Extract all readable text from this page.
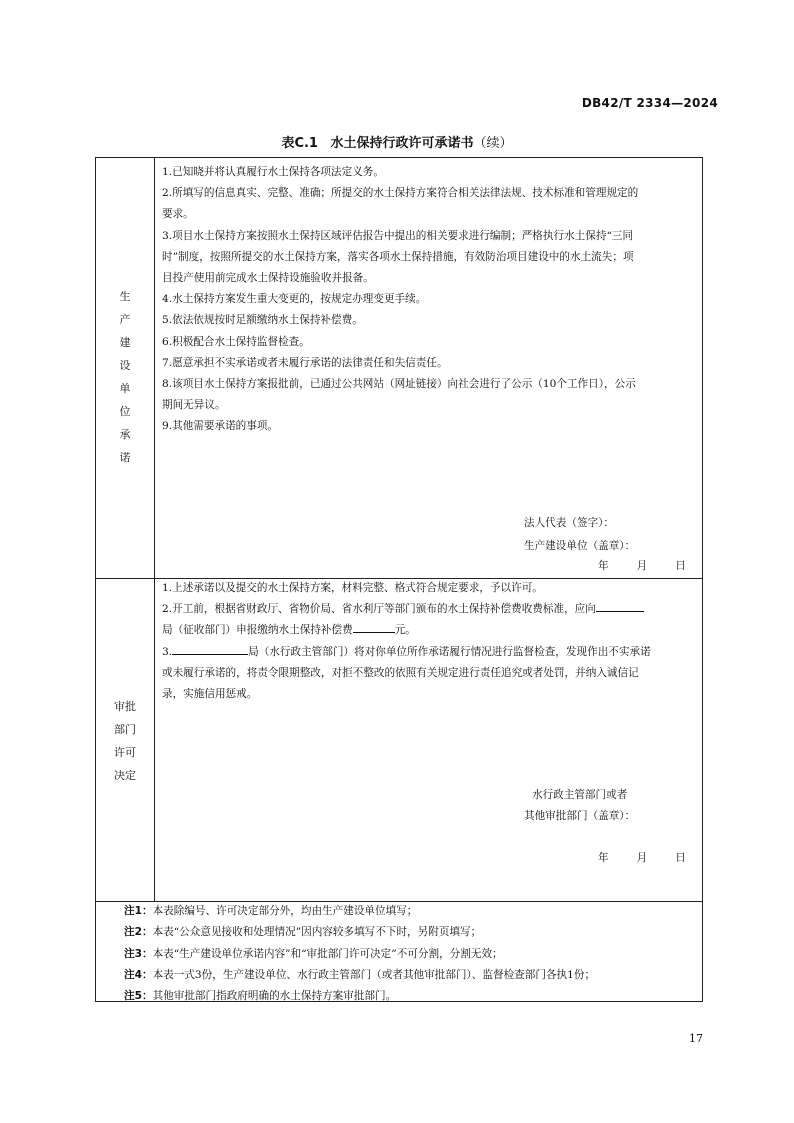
DB42/T 2334—2024
表C.1 水土保持行政许可承诺书（续）
生
产
建
设
单
位
承
诺

1.已知晓并将认真履行水土保持各项法定义务。

2.所填写的信息真实、完整、准确；所提交的水土保持方案符合相关法律法规、技术标准和管理规定的

要求。

3.项目水土保持方案按照水土保持区域评估报告中提出的相关要求进行编制；严格执行水土保持“三同

时”制度，按照所提交的水土保持方案，落实各项水土保持措施，有效防治项目建设中的水土流失；项

目投产使用前完成水土保持设施验收并报备。

4.水土保持方案发生重大变更的，按规定办理变更手续。

5.依法依规按时足额缴纳水土保持补偿费。

6.积极配合水土保持监督检查。

7.愿意承担不实承诺或者未履行承诺的法律责任和失信责任。

8.该项目水土保持方案报批前，已通过公共网站（网址链接）向社会进行了公示（10个工作日），公示

期间无异议。

9.其他需要承诺的事项。

法人代表（签字）：
生产建设单位（盖章）：
年	月	日
审批
部门
许可
决定

1.上述承诺以及提交的水土保持方案，材料完整、格式符合规定要求，予以许可。

2.开工前，根据省财政厅、省物价局、省水利厅等部门颁布的水土保持补偿费收费标准，应向

局（征收部门）申报缴纳水土保持补偿费	元。

3.	局（水行政主管部门）将对你单位所作承诺履行情况进行监督检查，发现作出不实承诺

或未履行承诺的，将责令限期整改，对拒不整改的依照有关规定进行责任追究或者处罚，并纳入诚信记

录，实施信用惩戒。

水行政主管部门或者
其他审批部门（盖章）：
年	月	日
注1：本表除编号、许可决定部分外，均由生产建设单位填写；
注2：本表“公众意见接收和处理情况”因内容较多填写不下时，另附页填写；
注3：本表“生产建设单位承诺内容”和“审批部门许可决定”不可分割，分割无效；
注4：本表一式3份，生产建设单位、水行政主管部门（或者其他审批部门）、监督检查部门各执1份；
注5：其他审批部门指政府明确的水土保持方案审批部门。
17
